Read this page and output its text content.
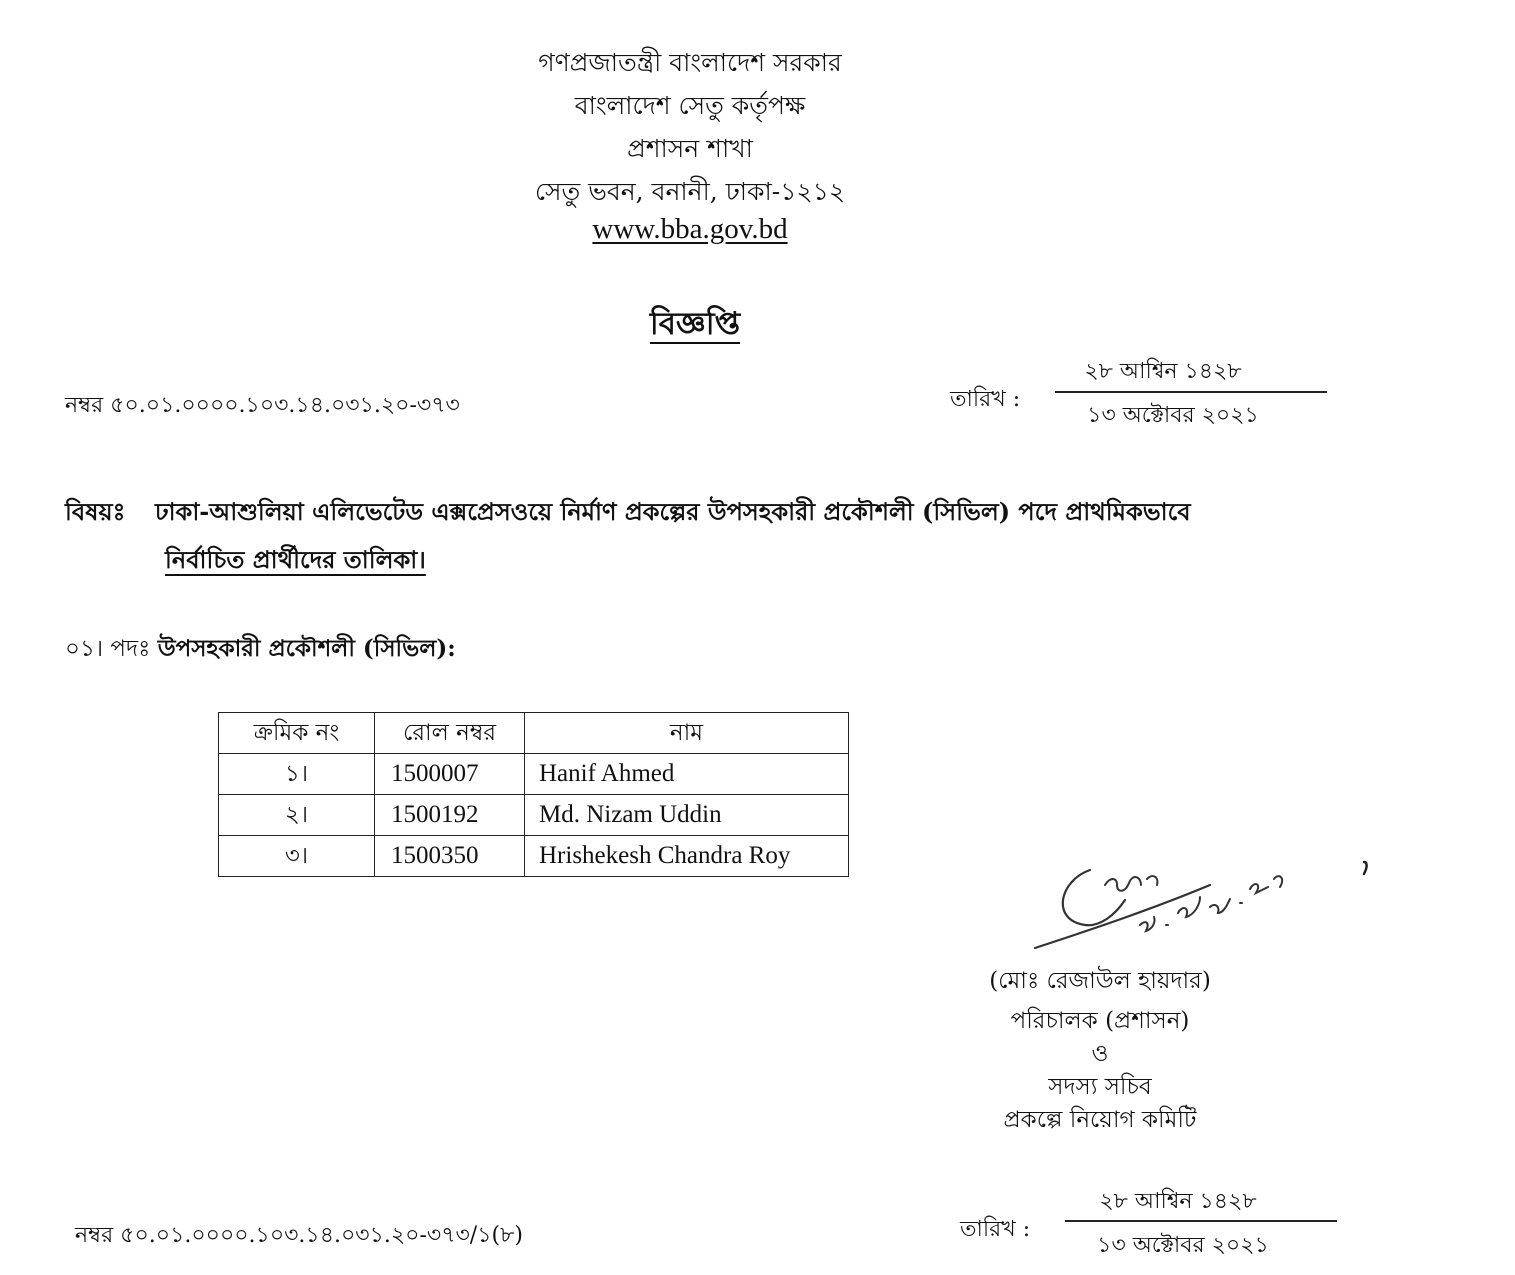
গণপ্রজাতন্ত্রী বাংলাদেশ সরকার
বাংলাদেশ সেতু কর্তৃপক্ষ
প্রশাসন শাখা
সেতু ভবন, বনানী, ঢাকা-১২১২
www.bba.gov.bd
বিজ্ঞপ্তি
নম্বর ৫০.০১.০০০০.১০৩.১৪.০৩১.২০-৩৭৩	তারিখ :
২৮ আশ্বিন ১৪২৮
১৩ অক্টোবর ২০২১
বিষয়ঃ ঢাকা-আশুলিয়া এলিভেটেড এক্সপ্রেসওয়ে নির্মাণ প্রকল্পের উপসহকারী প্রকৌশলী (সিভিল) পদে প্রাথমিকভাবে
নির্বাচিত প্রার্থীদের তালিকা।
০১। পদঃ উপসহকারী প্রকৌশলী (সিভিল):
ক্রমিক নং	রোল নম্বর	নাম
১।	1500007	Hanif Ahmed
২।	1500192	Md. Nizam Uddin
৩।	1500350	Hrishekesh Chandra Roy
(মোঃ রেজাউল হায়দার)
পরিচালক (প্রশাসন)
ও
সদস্য সচিব
প্রকল্পে নিয়োগ কমিটি
নম্বর ৫০.০১.০০০০.১০৩.১৪.০৩১.২০-৩৭৩/১(৮)	তারিখ :
২৮ আশ্বিন ১৪২৮
১৩ অক্টোবর ২০২১
